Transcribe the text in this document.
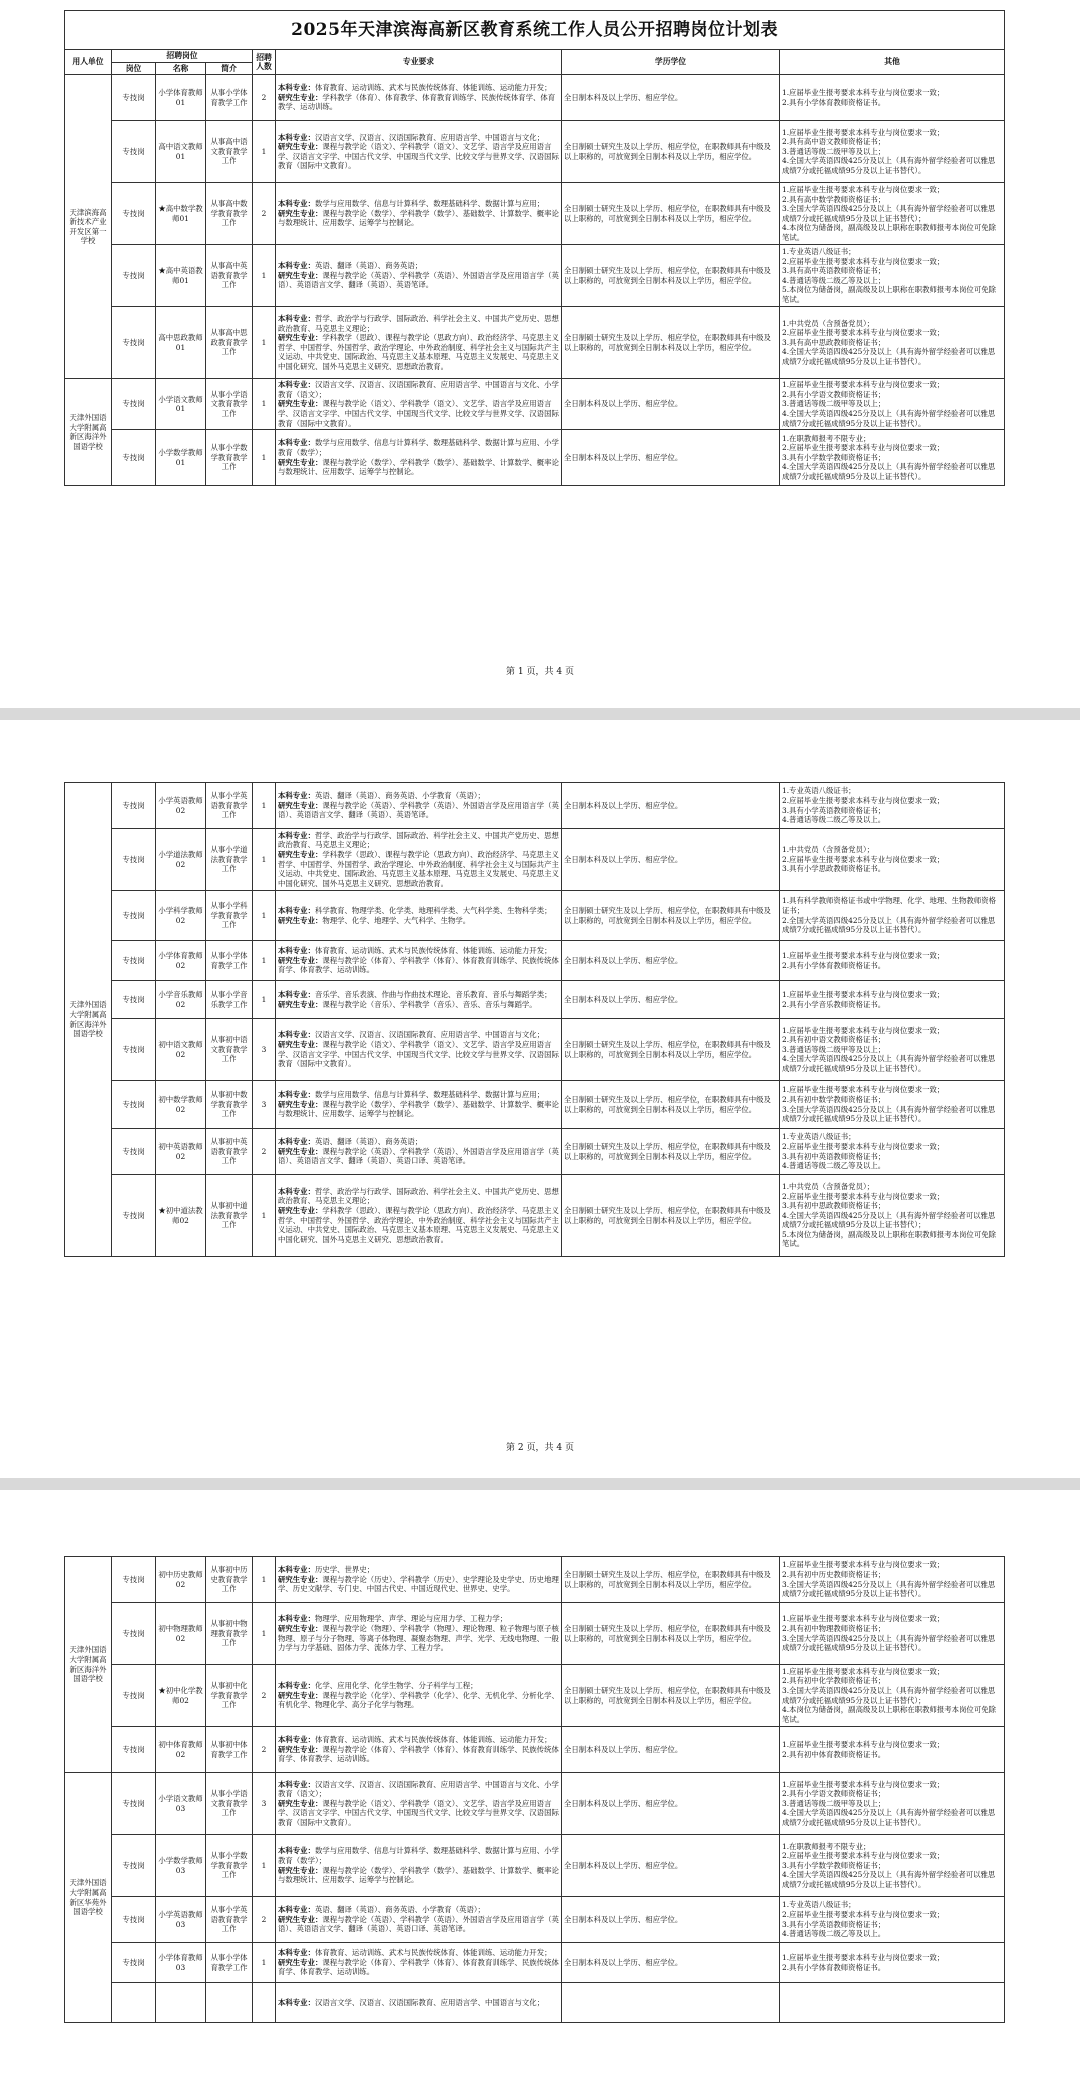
2025年天津滨海高新区教育系统工作人员公开招聘岗位计划表							
用人单位	招聘岗位			招聘人数	专业要求	学历学位	其他
	岗位	名称	简介				
天津滨海高新技术产业开发区第一学校	专技岗	小学体育教师01	从事小学体育教学工作	2	本科专业：体育教育、运动训练、武术与民族传统体育、体能训练、运动能力开发；
研究生专业：学科教学（体育）、体育教学、体育教育训练学、民族传统体育学、体育教学、运动训练。	全日制本科及以上学历、相应学位。	1.应届毕业生报考要求本科专业与岗位要求一致；
2.具有小学体育教师资格证书。
	专技岗	高中语文教师01	从事高中语文教育教学工作	1	本科专业：汉语言文学、汉语言、汉语国际教育、应用语言学、中国语言与文化；
研究生专业：课程与教学论（语文）、学科教学（语文）、文艺学、语言学及应用语言学、汉语言文字学、中国古代文学、中国现当代文学、比较文学与世界文学、汉语国际教育（国际中文教育）。	全日制硕士研究生及以上学历、相应学位，在职教师具有中级及以上职称的，可放宽到全日制本科及以上学历，相应学位。	1.应届毕业生报考要求本科专业与岗位要求一致；
2.具有高中语文教师资格证书；
3.普通话等级二级甲等及以上；
4.全国大学英语四级425分及以上（具有海外留学经验者可以雅思成绩7分或托福成绩95分及以上证书替代）。
	专技岗	★高中数学教师01	从事高中数学教育教学工作	2	本科专业：数学与应用数学、信息与计算科学、数理基础科学、数据计算与应用；
研究生专业：课程与教学论（数学）、学科教学（数学）、基础数学、计算数学、概率论与数理统计、应用数学、运筹学与控制论。	全日制硕士研究生及以上学历、相应学位，在职教师具有中级及以上职称的，可放宽到全日制本科及以上学历，相应学位。	1.应届毕业生报考要求本科专业与岗位要求一致；
2.具有高中数学教师资格证书；
3.全国大学英语四级425分及以上（具有海外留学经验者可以雅思成绩7分或托福成绩95分及以上证书替代）；
4.本岗位为储备岗，副高级及以上职称在职教师报考本岗位可免除笔试。
	专技岗	★高中英语教师01	从事高中英语教育教学工作	1	本科专业：英语、翻译（英语）、商务英语；
研究生专业：课程与教学论（英语）、学科教学（英语）、外国语言学及应用语言学（英语）、英语语言文学、翻译（英语）、英语笔译。	全日制硕士研究生及以上学历、相应学位，在职教师具有中级及以上职称的，可放宽到全日制本科及以上学历，相应学位。	1.专业英语八级证书；
2.应届毕业生报考要求本科专业与岗位要求一致；
3.具有高中英语教师资格证书；
4.普通话等级二级乙等及以上；
5.本岗位为储备岗，副高级及以上职称在职教师报考本岗位可免除笔试。
	专技岗	高中思政教师01	从事高中思政教育教学工作	1	本科专业：哲学、政治学与行政学、国际政治、科学社会主义、中国共产党历史、思想政治教育、马克思主义理论；
研究生专业：学科教学（思政）、课程与教学论（思政方向）、政治经济学、马克思主义哲学、中国哲学、外国哲学、政治学理论、中外政治制度、科学社会主义与国际共产主义运动、中共党史、国际政治、马克思主义基本原理、马克思主义发展史、马克思主义中国化研究、国外马克思主义研究、思想政治教育。	全日制硕士研究生及以上学历、相应学位，在职教师具有中级及以上职称的，可放宽到全日制本科及以上学历，相应学位。	1.中共党员（含预备党员）；
2.应届毕业生报考要求本科专业与岗位要求一致；
3.具有高中思政教师资格证书；
4.全国大学英语四级425分及以上（具有海外留学经验者可以雅思成绩7分或托福成绩95分及以上证书替代）。
天津外国语大学附属高新区海洋外国语学校	专技岗	小学语文教师01	从事小学语文教育教学工作	1	本科专业：汉语言文学、汉语言、汉语国际教育、应用语言学、中国语言与文化、小学教育（语文）；
研究生专业：课程与教学论（语文）、学科教学（语文）、文艺学、语言学及应用语言学、汉语言文字学、中国古代文学、中国现当代文学、比较文学与世界文学、汉语国际教育（国际中文教育）。	全日制本科及以上学历、相应学位。	1.应届毕业生报考要求本科专业与岗位要求一致；
2.具有小学语文教师资格证书；
3.普通话等级二级甲等及以上；
4.全国大学英语四级425分及以上（具有海外留学经验者可以雅思成绩7分或托福成绩95分及以上证书替代）。
	专技岗	小学数学教师01	从事小学数学教育教学工作	1	本科专业：数学与应用数学、信息与计算科学、数理基础科学、数据计算与应用、小学教育（数学）；
研究生专业：课程与教学论（数学）、学科教学（数学）、基础数学、计算数学、概率论与数理统计、应用数学、运筹学与控制论。	全日制本科及以上学历、相应学位。	1.在职教师报考不限专业；
2.应届毕业生报考要求本科专业与岗位要求一致；
3.具有小学数学教师资格证书；
4.全国大学英语四级425分及以上（具有海外留学经验者可以雅思成绩7分或托福成绩95分及以上证书替代）。
第 1 页，共 4 页
天津外国语大学附属高新区海洋外国语学校	专技岗	小学英语教师02	从事小学英语教育教学工作	1	本科专业：英语、翻译（英语）、商务英语、小学教育（英语）；
研究生专业：课程与教学论（英语）、学科教学（英语）、外国语言学及应用语言学（英语）、英语语言文学、翻译（英语）、英语笔译。	全日制本科及以上学历、相应学位。	1.专业英语八级证书；
2.应届毕业生报考要求本科专业与岗位要求一致；
3.具有小学英语教师资格证书；
4.普通话等级二级乙等及以上。
	专技岗	小学道法教师02	从事小学道法教育教学工作	1	本科专业：哲学、政治学与行政学、国际政治、科学社会主义、中国共产党历史、思想政治教育、马克思主义理论；
研究生专业：学科教学（思政）、课程与教学论（思政方向）、政治经济学、马克思主义哲学、中国哲学、外国哲学、政治学理论、中外政治制度、科学社会主义与国际共产主义运动、中共党史、国际政治、马克思主义基本原理、马克思主义发展史、马克思主义中国化研究、国外马克思主义研究、思想政治教育。	全日制本科及以上学历、相应学位。	1.中共党员（含预备党员）；
2.应届毕业生报考要求本科专业与岗位要求一致；
3.具有小学思政教师资格证书。
	专技岗	小学科学教师02	从事小学科学教育教学工作	1	本科专业：科学教育、物理学类、化学类、地理科学类、大气科学类、生物科学类；
研究生专业：物理学、化学、地理学、大气科学、生物学。	全日制硕士研究生及以上学历、相应学位，在职教师具有中级及以上职称的，可放宽到全日制本科及以上学历，相应学位。	1.具有科学教师资格证书或中学物理、化学、地理、生物教师资格证书；
2.全国大学英语四级425分及以上（具有海外留学经验者可以雅思成绩7分或托福成绩95分及以上证书替代）。
	专技岗	小学体育教师02	从事小学体育教学工作	1	本科专业：体育教育、运动训练、武术与民族传统体育、体能训练、运动能力开发；
研究生专业：课程与教学论（体育）、学科教学（体育）、体育教育训练学、民族传统体育学、体育教学、运动训练。	全日制本科及以上学历、相应学位。	1.应届毕业生报考要求本科专业与岗位要求一致；
2.具有小学体育教师资格证书。
	专技岗	小学音乐教师02	从事小学音乐教学工作	1	本科专业：音乐学、音乐表演、作曲与作曲技术理论、音乐教育、音乐与舞蹈学类；
研究生专业：课程与教学论（音乐）、学科教学（音乐）、音乐、音乐与舞蹈学。	全日制本科及以上学历、相应学位。	1.应届毕业生报考要求本科专业与岗位要求一致；
2.具有小学音乐教师资格证书。
	专技岗	初中语文教师02	从事初中语文教育教学工作	3	本科专业：汉语言文学、汉语言、汉语国际教育、应用语言学、中国语言与文化；
研究生专业：课程与教学论（语文）、学科教学（语文）、文艺学、语言学及应用语言学、汉语言文字学、中国古代文学、中国现当代文学、比较文学与世界文学、汉语国际教育（国际中文教育）。	全日制硕士研究生及以上学历、相应学位，在职教师具有中级及以上职称的，可放宽到全日制本科及以上学历，相应学位。	1.应届毕业生报考要求本科专业与岗位要求一致；
2.具有初中语文教师资格证书；
3.普通话等级二级甲等及以上；
4.全国大学英语四级425分及以上（具有海外留学经验者可以雅思成绩7分或托福成绩95分及以上证书替代）。
	专技岗	初中数学教师02	从事初中数学教育教学工作	3	本科专业：数学与应用数学、信息与计算科学、数理基础科学、数据计算与应用；
研究生专业：课程与教学论（数学）、学科教学（数学）、基础数学、计算数学、概率论与数理统计、应用数学、运筹学与控制论。	全日制硕士研究生及以上学历、相应学位，在职教师具有中级及以上职称的，可放宽到全日制本科及以上学历，相应学位。	1.应届毕业生报考要求本科专业与岗位要求一致；
2.具有初中数学教师资格证书；
3.全国大学英语四级425分及以上（具有海外留学经验者可以雅思成绩7分或托福成绩95分及以上证书替代）。
	专技岗	初中英语教师02	从事初中英语教育教学工作	2	本科专业：英语、翻译（英语）、商务英语；
研究生专业：课程与教学论（英语）、学科教学（英语）、外国语言学及应用语言学（英语）、英语语言文学、翻译（英语）、英语口译、英语笔译。	全日制硕士研究生及以上学历、相应学位，在职教师具有中级及以上职称的，可放宽到全日制本科及以上学历，相应学位。	1.专业英语八级证书；
2.应届毕业生报考要求本科专业与岗位要求一致；
3.具有初中英语教师资格证书；
4.普通话等级二级乙等及以上。
	专技岗	★初中道法教师02	从事初中道法教育教学工作	1	本科专业：哲学、政治学与行政学、国际政治、科学社会主义、中国共产党历史、思想政治教育、马克思主义理论；
研究生专业：学科教学（思政）、课程与教学论（思政方向）、政治经济学、马克思主义哲学、中国哲学、外国哲学、政治学理论、中外政治制度、科学社会主义与国际共产主义运动、中共党史、国际政治、马克思主义基本原理、马克思主义发展史、马克思主义中国化研究、国外马克思主义研究、思想政治教育。	全日制硕士研究生及以上学历、相应学位，在职教师具有中级及以上职称的，可放宽到全日制本科及以上学历，相应学位。	1.中共党员（含预备党员）；
2.应届毕业生报考要求本科专业与岗位要求一致；
3.具有初中思政教师资格证书；
4.全国大学英语四级425分及以上（具有海外留学经验者可以雅思成绩7分或托福成绩95分及以上证书替代）；
5.本岗位为储备岗，副高级及以上职称在职教师报考本岗位可免除笔试。
第 2 页，共 4 页
天津外国语大学附属高新区海洋外国语学校	专技岗	初中历史教师02	从事初中历史教育教学工作	1	本科专业：历史学、世界史；
研究生专业：课程与教学论（历史）、学科教学（历史）、史学理论及史学史、历史地理学、历史文献学、专门史、中国古代史、中国近现代史、世界史、史学。	全日制硕士研究生及以上学历、相应学位，在职教师具有中级及以上职称的，可放宽到全日制本科及以上学历，相应学位。	1.应届毕业生报考要求本科专业与岗位要求一致；
2.具有初中历史教师资格证书；
3.全国大学英语四级425分及以上（具有海外留学经验者可以雅思成绩7分或托福成绩95分及以上证书替代）。
	专技岗	初中物理教师02	从事初中物理教育教学工作	1	本科专业：物理学、应用物理学、声学、理论与应用力学、工程力学；
研究生专业：课程与教学论（物理）、学科教学（物理）、理论物理、粒子物理与原子核物理、原子与分子物理、等离子体物理、凝聚态物理、声学、光学、无线电物理、一般力学与力学基础、固体力学、流体力学、工程力学。	全日制硕士研究生及以上学历、相应学位，在职教师具有中级及以上职称的，可放宽到全日制本科及以上学历，相应学位。	1.应届毕业生报考要求本科专业与岗位要求一致；
2.具有初中物理教师资格证书；
3.全国大学英语四级425分及以上（具有海外留学经验者可以雅思成绩7分或托福成绩95分及以上证书替代）。
	专技岗	★初中化学教师02	从事初中化学教育教学工作	2	本科专业：化学、应用化学、化学生物学、分子科学与工程；
研究生专业：课程与教学论（化学）、学科教学（化学）、化学、无机化学、分析化学、有机化学、物理化学、高分子化学与物理。	全日制硕士研究生及以上学历、相应学位，在职教师具有中级及以上职称的，可放宽到全日制本科及以上学历，相应学位。	1.应届毕业生报考要求本科专业与岗位要求一致；
2.具有初中化学教师资格证书；
3.全国大学英语四级425分及以上（具有海外留学经验者可以雅思成绩7分或托福成绩95分及以上证书替代）；
4.本岗位为储备岗，副高级及以上职称在职教师报考本岗位可免除笔试。
	专技岗	初中体育教师02	从事初中体育教学工作	2	本科专业：体育教育、运动训练、武术与民族传统体育、体能训练、运动能力开发；
研究生专业：课程与教学论（体育）、学科教学（体育）、体育教育训练学、民族传统体育学、体育教学、运动训练。	全日制本科及以上学历、相应学位。	1.应届毕业生报考要求本科专业与岗位要求一致；
2.具有初中体育教师资格证书。
天津外国语大学附属高新区华苑外国语学校	专技岗	小学语文教师03	从事小学语文教育教学工作	3	本科专业：汉语言文学、汉语言、汉语国际教育、应用语言学、中国语言与文化、小学教育（语文）；
研究生专业：课程与教学论（语文）、学科教学（语文）、文艺学、语言学及应用语言学、汉语言文字学、中国古代文学、中国现当代文学、比较文学与世界文学、汉语国际教育（国际中文教育）。	全日制本科及以上学历、相应学位。	1.应届毕业生报考要求本科专业与岗位要求一致；
2.具有小学语文教师资格证书；
3.普通话等级二级甲等及以上；
4.全国大学英语四级425分及以上（具有海外留学经验者可以雅思成绩7分或托福成绩95分及以上证书替代）。
	专技岗	小学数学教师03	从事小学数学教育教学工作	1	本科专业：数学与应用数学、信息与计算科学、数理基础科学、数据计算与应用、小学教育（数学）；
研究生专业：课程与教学论（数学）、学科教学（数学）、基础数学、计算数学、概率论与数理统计、应用数学、运筹学与控制论。	全日制本科及以上学历、相应学位。	1.在职教师报考不限专业；
2.应届毕业生报考要求本科专业与岗位要求一致；
3.具有小学数学教师资格证书；
4.全国大学英语四级425分及以上（具有海外留学经验者可以雅思成绩7分或托福成绩95分及以上证书替代）。
	专技岗	小学英语教师03	从事小学英语教育教学工作	2	本科专业：英语、翻译（英语）、商务英语、小学教育（英语）；
研究生专业：课程与教学论（英语）、学科教学（英语）、外国语言学及应用语言学（英语）、英语语言文学、翻译（英语）、英语口译、英语笔译。	全日制本科及以上学历、相应学位。	1.专业英语八级证书；
2.应届毕业生报考要求本科专业与岗位要求一致；
3.具有小学英语教师资格证书；
4.普通话等级二级乙等及以上。
	专技岗	小学体育教师03	从事小学体育教学工作	1	本科专业：体育教育、运动训练、武术与民族传统体育、体能训练、运动能力开发；
研究生专业：课程与教学论（体育）、学科教学（体育）、体育教育训练学、民族传统体育学、体育教学、运动训练。	全日制本科及以上学历、相应学位。	1.应届毕业生报考要求本科专业与岗位要求一致；
2.具有小学体育教师资格证书。
					本科专业：汉语言文学、汉语言、汉语国际教育、应用语言学、中国语言与文化；		
